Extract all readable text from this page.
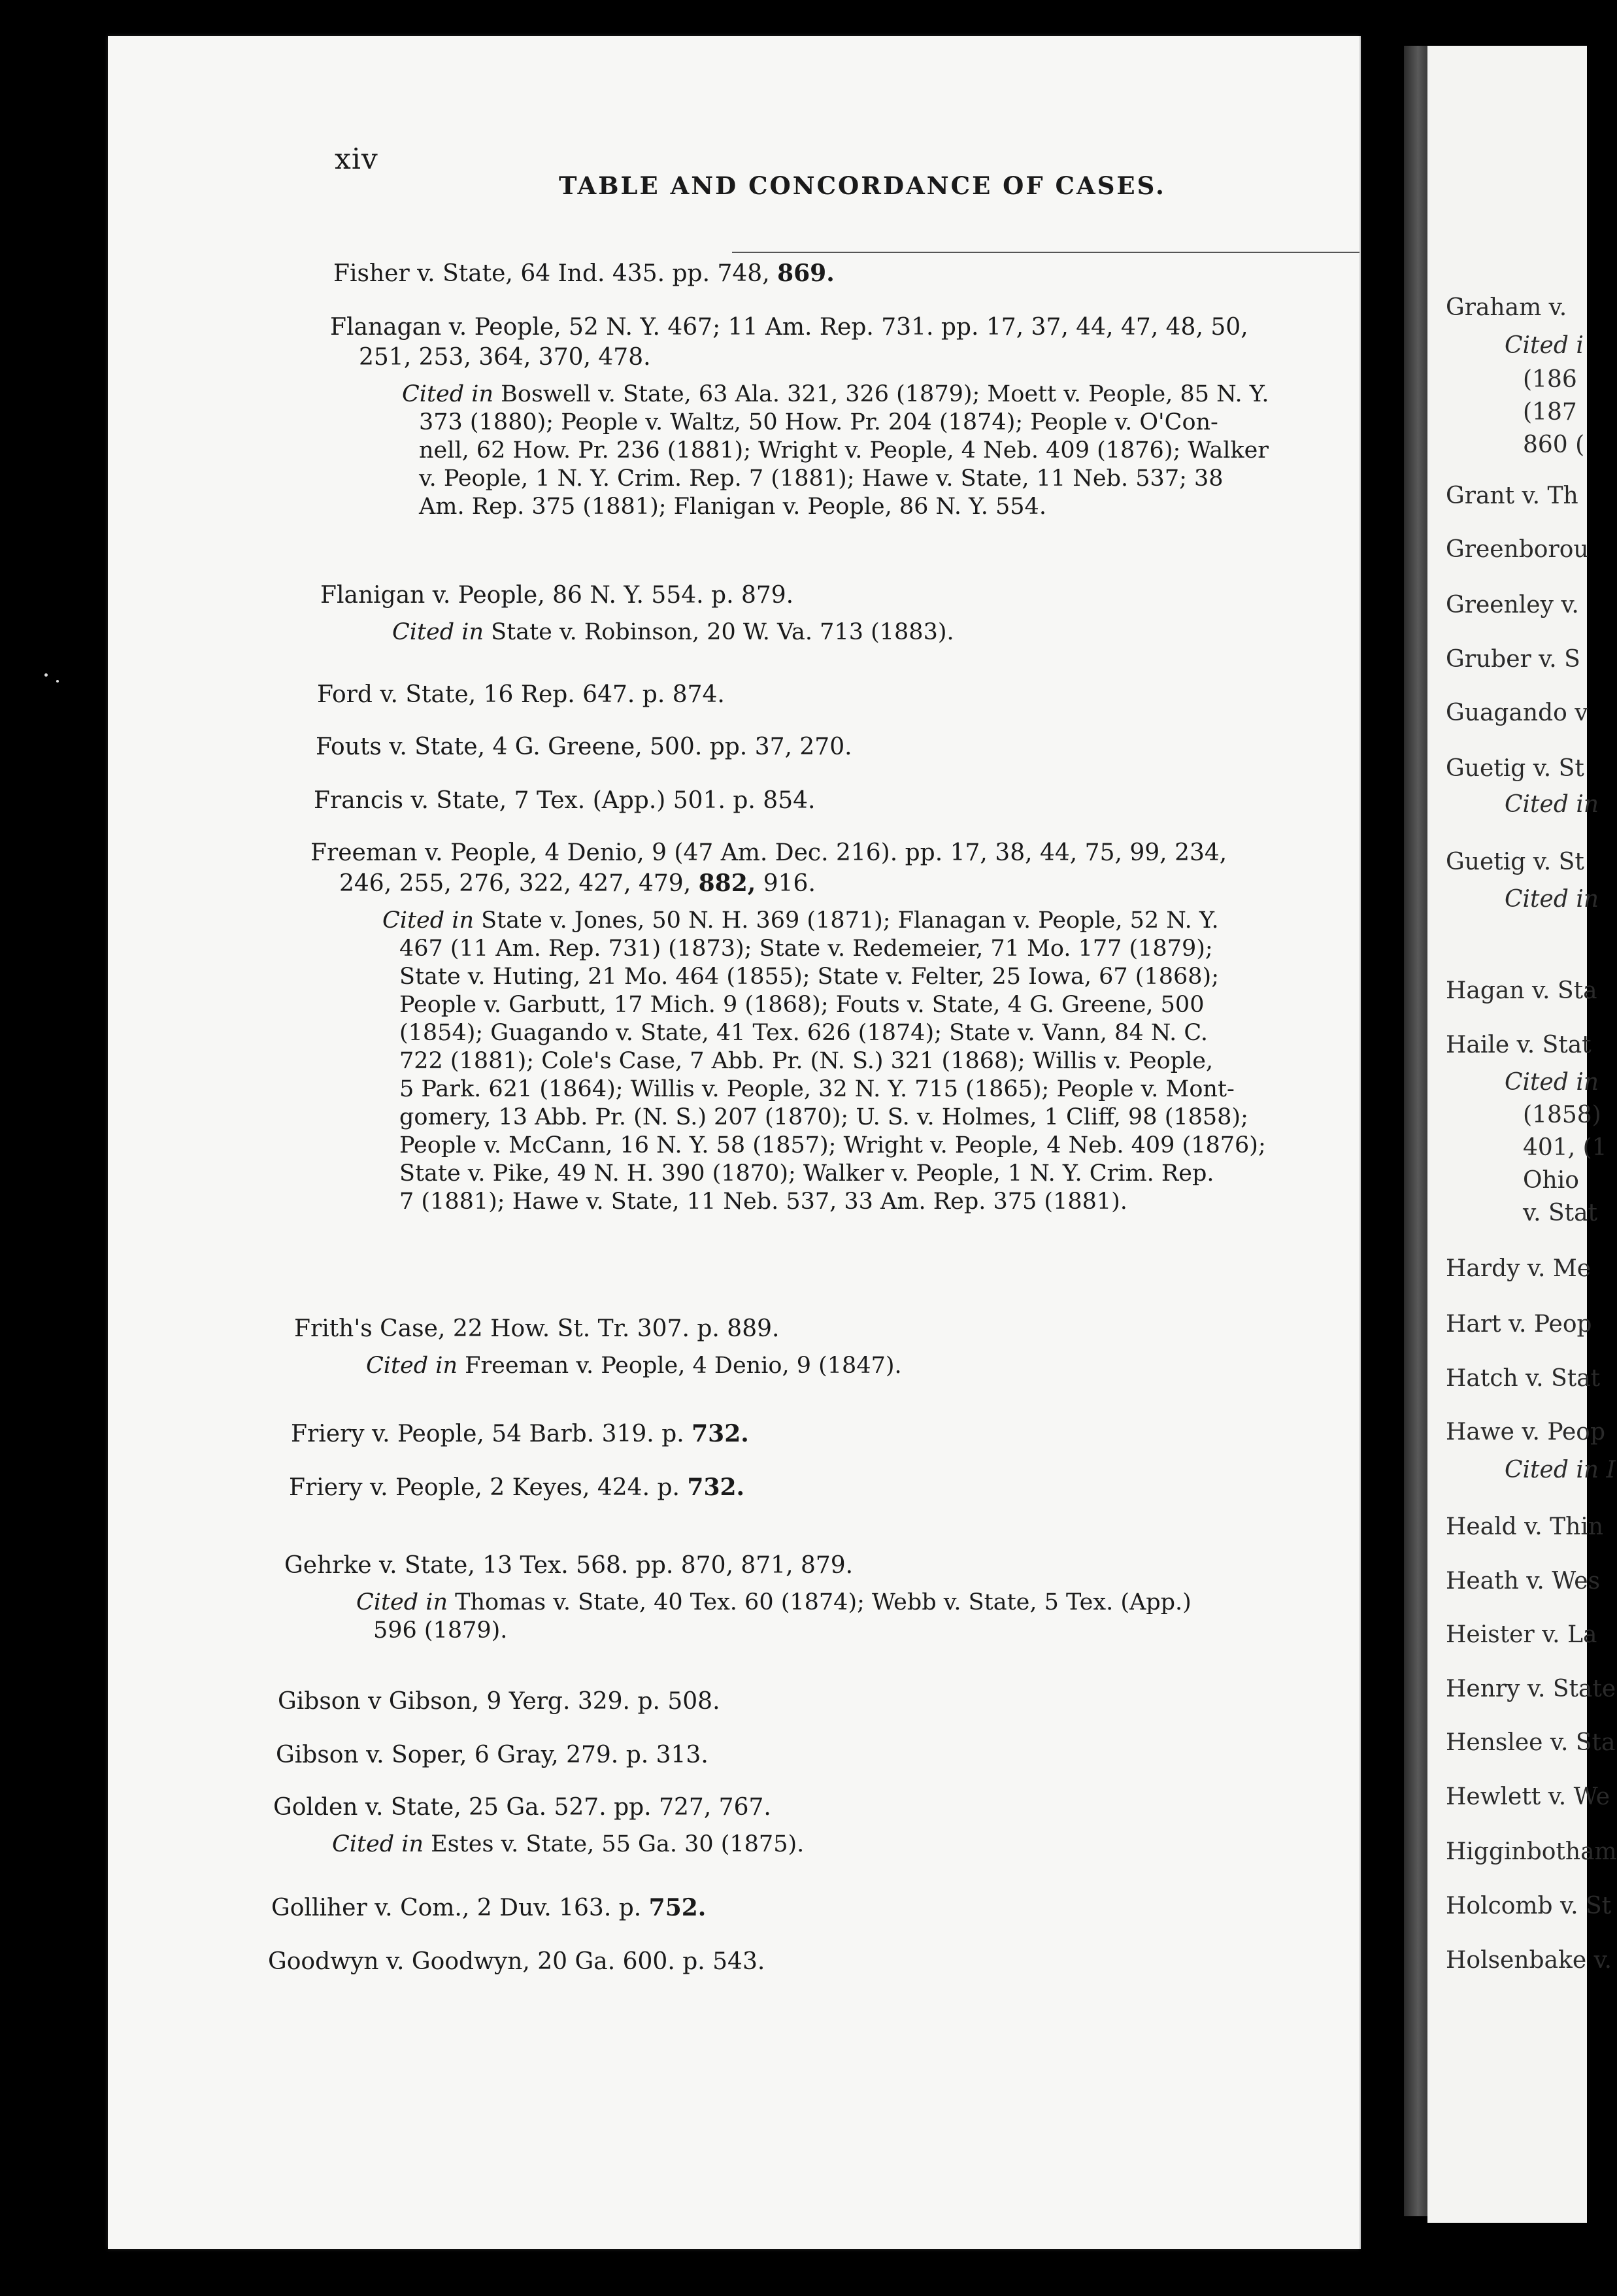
Graham v.
Cited i
(186
(187
860 (
Grant v. Th
Greenborou
Greenley v.
Gruber v. S
Guagando v
Guetig v. St
Cited in
Guetig v. St
Cited in
Hagan v. Sta
Haile v. Stat
Cited in
(1858)
401, (1
Ohio
v. Stat
Hardy v. Me
Hart v. Peop
Hatch v. Stat
Hawe v. Peop
Cited in I
Heald v. Thin
Heath v. Wes
Heister v. La
Henry v. State
Henslee v. Sta
Hewlett v. We
Higginbotham
Holcomb v. St
Holsenbake v.
xiv
TABLE AND CONCORDANCE OF CASES.
Fisher v. State, 64 Ind. 435. pp. 748, 869.
Flanagan v. People, 52 N. Y. 467; 11 Am. Rep. 731. pp. 17, 37, 44, 47, 48, 50,
251, 253, 364, 370, 478.
Cited in Boswell v. State, 63 Ala. 321, 326 (1879); Moett v. People, 85 N. Y.
373 (1880); People v. Waltz, 50 How. Pr. 204 (1874); People v. O'Con-
nell, 62 How. Pr. 236 (1881); Wright v. People, 4 Neb. 409 (1876); Walker
v. People, 1 N. Y. Crim. Rep. 7 (1881); Hawe v. State, 11 Neb. 537; 38
Am. Rep. 375 (1881); Flanigan v. People, 86 N. Y. 554.
Flanigan v. People, 86 N. Y. 554. p. 879.
Cited in State v. Robinson, 20 W. Va. 713 (1883).
Ford v. State, 16 Rep. 647. p. 874.
Fouts v. State, 4 G. Greene, 500. pp. 37, 270.
Francis v. State, 7 Tex. (App.) 501. p. 854.
Freeman v. People, 4 Denio, 9 (47 Am. Dec. 216). pp. 17, 38, 44, 75, 99, 234,
246, 255, 276, 322, 427, 479, 882, 916.
Cited in State v. Jones, 50 N. H. 369 (1871); Flanagan v. People, 52 N. Y.
467 (11 Am. Rep. 731) (1873); State v. Redemeier, 71 Mo. 177 (1879);
State v. Huting, 21 Mo. 464 (1855); State v. Felter, 25 Iowa, 67 (1868);
People v. Garbutt, 17 Mich. 9 (1868); Fouts v. State, 4 G. Greene, 500
(1854); Guagando v. State, 41 Tex. 626 (1874); State v. Vann, 84 N. C.
722 (1881); Cole's Case, 7 Abb. Pr. (N. S.) 321 (1868); Willis v. People,
5 Park. 621 (1864); Willis v. People, 32 N. Y. 715 (1865); People v. Mont-
gomery, 13 Abb. Pr. (N. S.) 207 (1870); U. S. v. Holmes, 1 Cliff, 98 (1858);
People v. McCann, 16 N. Y. 58 (1857); Wright v. People, 4 Neb. 409 (1876);
State v. Pike, 49 N. H. 390 (1870); Walker v. People, 1 N. Y. Crim. Rep.
7 (1881); Hawe v. State, 11 Neb. 537, 33 Am. Rep. 375 (1881).
Frith's Case, 22 How. St. Tr. 307. p. 889.
Cited in Freeman v. People, 4 Denio, 9 (1847).
Friery v. People, 54 Barb. 319. p. 732.
Friery v. People, 2 Keyes, 424. p. 732.
Gehrke v. State, 13 Tex. 568. pp. 870, 871, 879.
Cited in Thomas v. State, 40 Tex. 60 (1874); Webb v. State, 5 Tex. (App.)
596 (1879).
Gibson v Gibson, 9 Yerg. 329. p. 508.
Gibson v. Soper, 6 Gray, 279. p. 313.
Golden v. State, 25 Ga. 527. pp. 727, 767.
Cited in Estes v. State, 55 Ga. 30 (1875).
Golliher v. Com., 2 Duv. 163. p. 752.
Goodwyn v. Goodwyn, 20 Ga. 600. p. 543.
